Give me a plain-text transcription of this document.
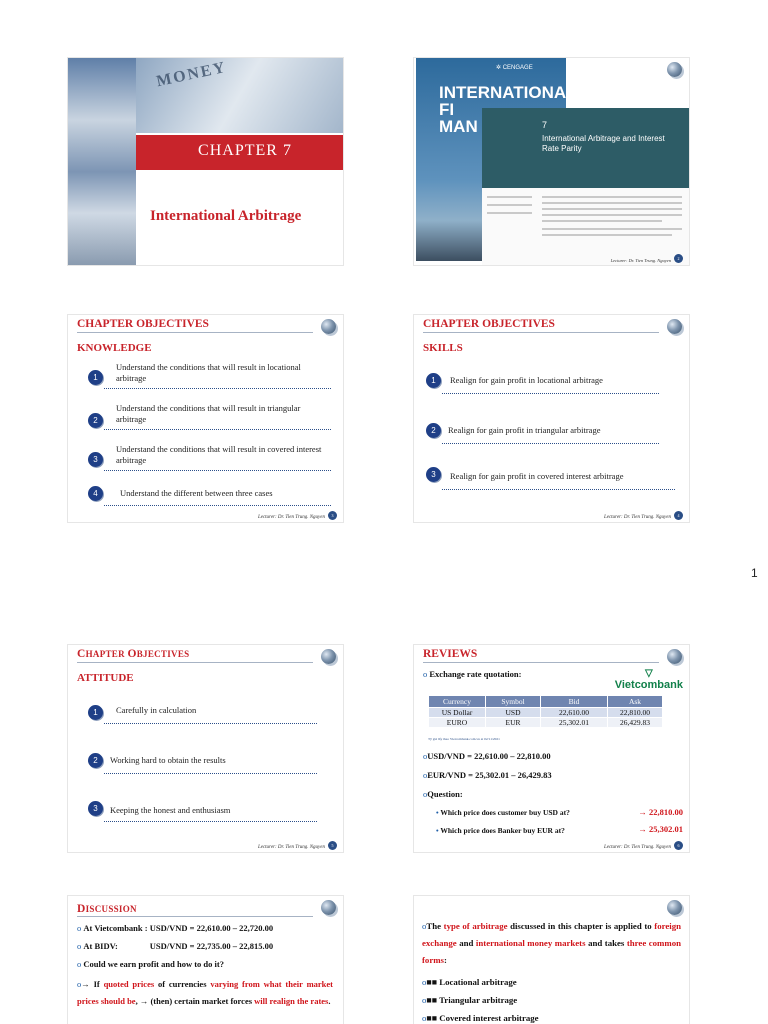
MONEY
CHAPTER 7
International Arbitrage
✲ CENGAGE
INTERNATIONAL
FI
MAN	7
International Arbitrage and Interest Rate Parity
Lecturer: Dr. Tien Trung. Nguyen	2
CHAPTER OBJECTIVES
KNOWLEDGE
1
Understand the conditions that will result in locational arbitrage
2
Understand the conditions that will result in triangular arbitrage
3
Understand the conditions that will result in covered interest arbitrage
4	Understand the different between three cases
Lecturer: Dr. Tien Trung. Nguyen	3
CHAPTER OBJECTIVES
SKILLS
1	Realign for gain profit in locational arbitrage
2	Realign for gain profit in triangular arbitrage
3	Realign for gain profit in covered interest arbitrage
Lecturer: Dr. Tien Trung. Nguyen	4
1
CHAPTER OBJECTIVES
ATTITUDE
1	Carefully in calculation
2	Working hard to obtain the results
3	Keeping the honest and enthusiasm
Lecturer: Dr. Tien Trung. Nguyen	5
REVIEWS
o Exchange rate quotation:	▽
Vietcombank
Currency	Symbol	Bid	Ask
US Dollar	USD	22,610.00	22,810.00
EURO	EUR	25,302.01	26,429.83
Tỷ giá lấy theo Vietcombank.com.vn at 02/11/2021
oUSD/VND = 22,610.00 – 22,810.00
oEUR/VND = 25,302.01 – 26,429.83
oQuestion:
• Which price does customer buy USD at?	→ 22,810.00
• Which price does Banker buy EUR at?	→ 25,302.01
Lecturer: Dr. Tien Trung. Nguyen	6
DISCUSSION
o At Vietcombank : USD/VND = 22,610.00 – 22,720.00
o At BIDV:	USD/VND = 22,735.00 – 22,815.00
o Could we earn profit and how to do it?
o→ If quoted prices of currencies varying from what their market prices should be, → (then) certain market forces will realign the rates.
oThe type of arbitrage discussed in this chapter is applied to foreign exchange and international money markets and takes three common forms:
o■■ Locational arbitrage
o■■ Triangular arbitrage
o■■ Covered interest arbitrage
